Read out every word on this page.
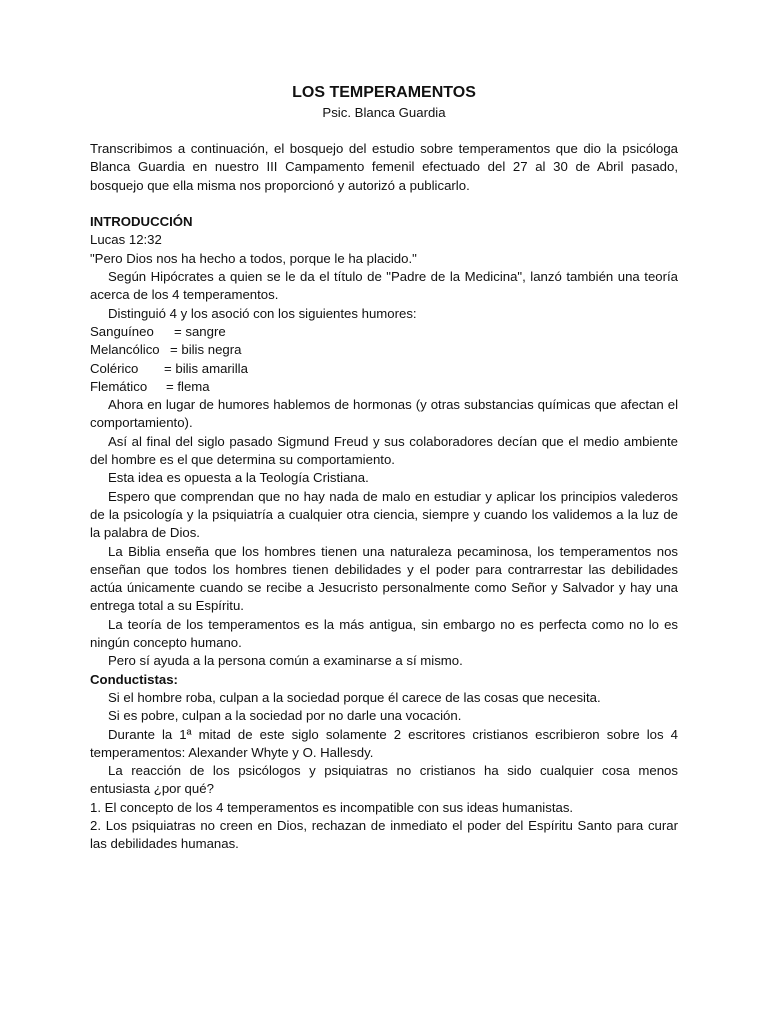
LOS TEMPERAMENTOS

Psic. Blanca Guardia

Transcribimos a continuación, el bosquejo del estudio sobre temperamentos que dio la psicóloga Blanca Guardia en nuestro III Campamento femenil efectuado del 27 al 30 de Abril pasado, bosquejo que ella misma nos proporcionó y autorizó a publicarlo.

INTRODUCCIÓN

Lucas 12:32

"Pero Dios nos ha hecho a todos, porque le ha placido."

Según Hipócrates a quien se le da el título de "Padre de la Medicina", lanzó también una teoría acerca de los 4 temperamentos.

Distinguió 4 y los asoció con los siguientes humores:

Sanguíneo	= sangre
Melancólico = bilis negra
Colérico	= bilis amarilla
Flemático	= flema

Ahora en lugar de humores hablemos de hormonas (y otras substancias químicas que afectan el comportamiento).

Así al final del siglo pasado Sigmund Freud y sus colaboradores decían que el medio ambiente del hombre es el que determina su comportamiento.

Esta idea es opuesta a la Teología Cristiana.

Espero que comprendan que no hay nada de malo en estudiar y aplicar los principios valederos de la psicología y la psiquiatría a cualquier otra ciencia, siempre y cuando los validemos a la luz de la palabra de Dios.

La Biblia enseña que los hombres tienen una naturaleza pecaminosa, los temperamentos nos enseñan que todos los hombres tienen debilidades y el poder para contrarrestar las debilidades actúa únicamente cuando se recibe a Jesucristo personalmente como Señor y Salvador y hay una entrega total a su Espíritu.

La teoría de los temperamentos es la más antigua, sin embargo no es perfecta como no lo es ningún concepto humano.

Pero sí ayuda a la persona común a examinarse a sí mismo.

Conductistas:

Si el hombre roba, culpan a la sociedad porque él carece de las cosas que necesita.

Si es pobre, culpan a la sociedad por no darle una vocación.

Durante la 1ª mitad de este siglo solamente 2 escritores cristianos escribieron sobre los 4 temperamentos: Alexander Whyte y O. Hallesdy.

La reacción de los psicólogos y psiquiatras no cristianos ha sido cualquier cosa menos entusiasta ¿por qué?

1. El concepto de los 4 temperamentos es incompatible con sus ideas humanistas.

2. Los psiquiatras no creen en Dios, rechazan de inmediato el poder del Espíritu Santo para curar las debilidades humanas.
